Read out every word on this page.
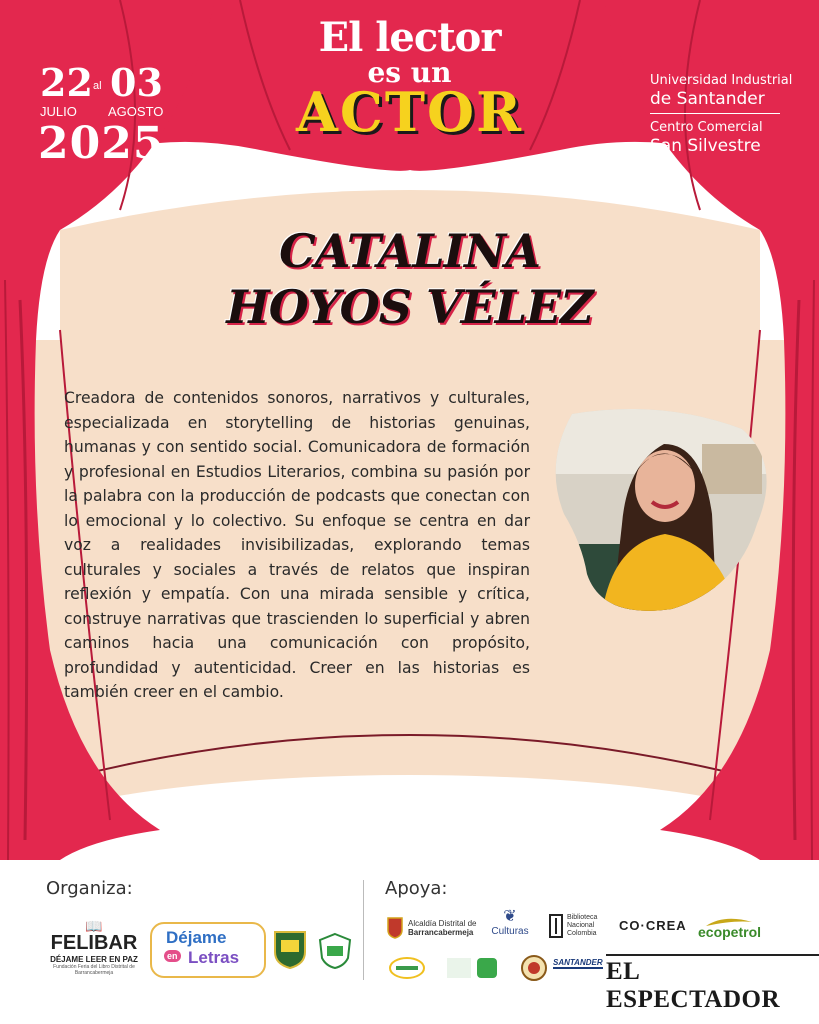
El lector
es un
ACTOR
22 al 03
JULIO AGOSTO
2025
Universidad Industrial
de Santander
Centro Comercial
San Silvestre
CATALINA
HOYOS VÉLEZ
Creadora de contenidos sonoros, narrativos y culturales, especializada en storytelling de historias genuinas, humanas y con sentido social. Comunicadora de formación y profesional en Estudios Literarios, combina su pasión por la palabra con la producción de podcasts que conectan con lo emocional y lo colectivo. Su enfoque se centra en dar voz a realidades invisibilizadas, explorando temas culturales y sociales a través de relatos que inspiran reflexión y empatía. Con una mirada sensible y crítica, construye narrativas que trascienden lo superficial y abren caminos hacia una comunicación con propósito, profundidad y autenticidad. Creer en las historias es también creer en el cambio.
Organiza:	Apoya:
📖
FELIBAR
DÉJAME LEER EN PAZ
Fundación Feria del Libro Distrital de Barrancabermeja
Déjame
en Letras
Alcaldía Distrital de
Barrancabermeja
❦
Culturas
Biblioteca
Nacional
Colombia
CO·CREA ecopetrol
SANTANDER EL ESPECTADOR
